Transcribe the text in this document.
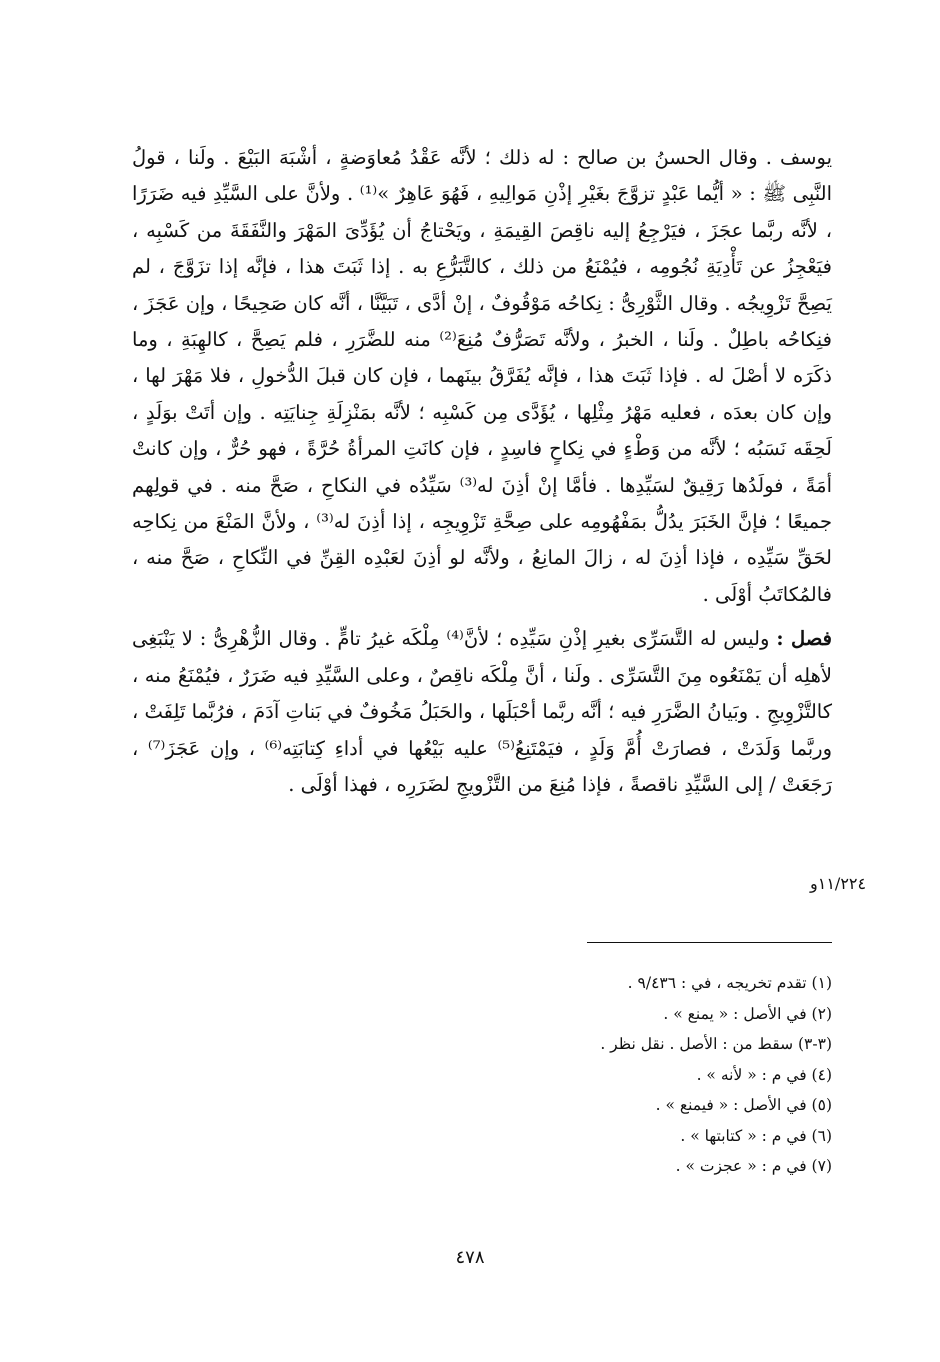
يوسف . وقال الحسنُ بن صالح : له ذلك ؛ لأنَّه عَقْدُ مُعاوَضةٍ ، أشْبَهَ البَيْعَ . ولَنا ، قولُ النَّبِى ﷺ : « أيُّما عَبْدٍ تزوَّجَ بغَيْرِ إذْنِ مَوالِيهِ ، فَهُوَ عَاهِرٌ »⁽¹⁾ . ولأنَّ على السَّيِّدِ فيه ضَرَرًا ، لأنَّه ربَّما عجَزَ ، فيَرْجِعُ إليه ناقِصَ القِيمَةِ ، ويَحْتاجُ أن يُؤَدِّىَ المَهْرَ والنَّفَقَةَ من كَسْبِه ، فيَعْجِزُ عن تَأْدِيَةِ نُجُومِه ، فيُمْنَعُ من ذلك ، كالتَّبَرُّعِ به . إذا ثَبَتَ هذا ، فإنَّه إذا تزَوَّجَ ، لم يَصِحَّ تَزْوِيجُه . وقال الثَّوْرِىُّ : نِكاحُه مَوْقُوفٌ ، إنْ أدَّى ، تَبَيَّنَّا ، أنَّه كان صَحِيحًا ، وإن عَجَزَ ، فنِكاحُه باطِلٌ . ولَنا ، الخبرُ ، ولأنَّه تَصَرُّفٌ مُنِعَ⁽²⁾ منه للضَّرَرِ ، فلم يَصِحَّ ، كالهِبَةِ ، وما ذكَرَه لا أصْلَ له . فإذا ثَبَتَ هذا ، فإنَّه يُفَرَّقُ بينَهما ، فإن كان قبلَ الدُّخولِ ، فلا مَهْرَ لها ، وإن كان بعدَه ، فعليه مَهْرُ مِثْلِها ، يُؤَدَّى مِن كَسْبِه ؛ لأنَّه بمَنْزِلَةِ جِنايَتِه . وإن أتَتْ بوَلَدٍ ، لَحِقَه نَسَبُه ؛ لأنَّه من وَطْءٍ في نِكاحٍ فاسِدٍ ، فإن كانَتِ المرأةُ حُرَّةً ، فهو حُرٌّ ، وإن كانتْ أمَةً ، فولَدُها رَقِيقٌ لسَيِّدِها . فأمَّا إنْ أذِنَ له⁽³⁾ سَيِّدُه في النكاحِ ، صَحَّ منه . في قولِهم جميعًا ؛ فإنَّ الخَبَرَ يدُلُّ بمَفْهُومِه على صِحَّةِ تَزْوِيجِه ، إذا أذِنَ له⁽³⁾ ، ولأنَّ المَنْعَ من نِكاحِه لحَقِّ سَيِّدِه ، فإذا أذِنَ له ، زالَ المانِعُ ، ولأنَّه لو أذِنَ لعَبْدِه القِنِّ في النِّكاحِ ، صَحَّ منه ، فالمُكاتَبُ أوْلَى .

فصل : وليس له التَّسَرِّى بغيرِ إذْنِ سَيِّدِه ؛ لأنَّ⁽⁴⁾ مِلْكَه غيرُ تامٍّ . وقال الزُّهْرِىُّ : لا يَنْبَغِى لأهلِه أن يَمْنَعُوه مِنَ التَّسَرِّى . ولَنا ، أنَّ مِلْكَه ناقِصٌ ، وعلى السَّيِّدِ فيه ضَرَرٌ ، فيُمْنَعُ منه ، كالتَّزْوِيجِ . وبَيانُ الضَّرَرِ فيه ؛ أنَّه ربَّما أحْبَلَها ، والحَبَلُ مَخُوفٌ في بَناتِ آدَمَ ، فرُبَّما تَلِفَتْ ، وربَّما وَلَدَتْ ، فصارَتْ أُمَّ وَلَدٍ ، فيَمْتَنِعُ⁽⁵⁾ عليه بَيْعُها في أداءِ كِتابَتِه⁽⁶⁾ ، وإن عَجَزَ⁽⁷⁾ ، رَجَعَتْ / إلى السَّيِّدِ ناقصةً ، فإذا مُنِعَ من التَّزْويجِ لضَرَرِه ، فهذا أوْلَى .

١١/٢٢٤و
(١) تقدم تخريجه ، في : ٩/٤٣٦ .
(٢) في الأصل : « يمنع » .
(٣-٣) سقط من : الأصل . نقل نظر .
(٤) في م : « لأنه » .
(٥) في الأصل : « فيمنع » .
(٦) في م : « كتابتها » .
(٧) في م : « عجزت » .
٤٧٨
